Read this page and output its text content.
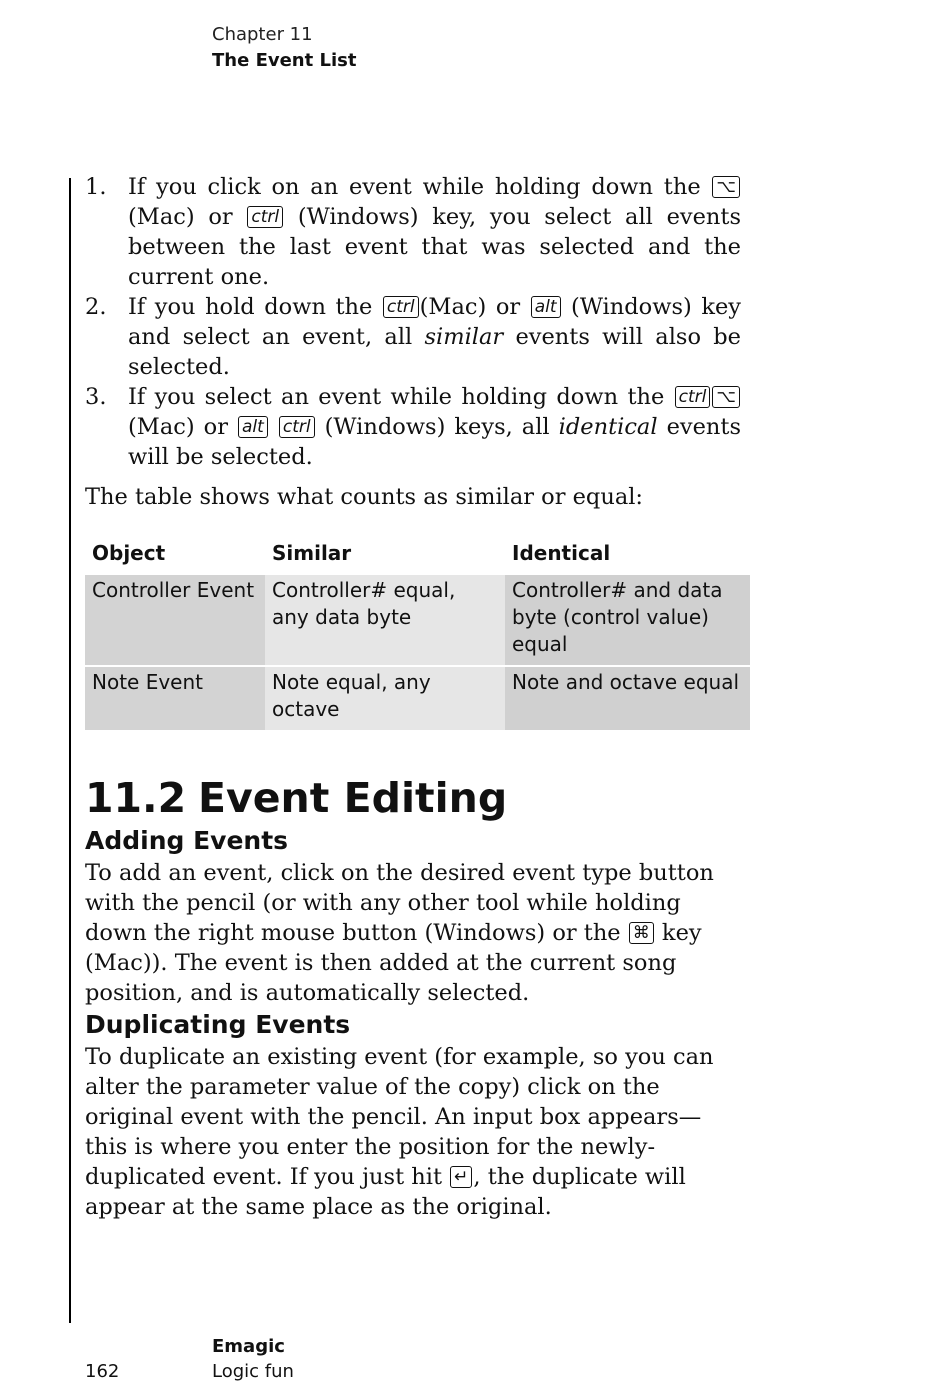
Chapter 11
The Event List
1. If you click on an event while holding down the ⌥ (Mac) or ctrl (Windows) key, you select all events between the last event that was selected and the current one.
2. If you hold down the ctrl (Mac) or alt (Windows) key and select an event, all similar events will also be selected.
3. If you select an event while holding down the ctrl ⌥(Mac) or alt ctrl (Windows) keys, all identical events will be selected.

The table shows what counts as similar or equal:

Object	Similar	Identical
Controller Event	Controller# equal, any data byte	Controller# and data byte (control value) equal
Note Event	Note equal, any octave	Note and octave equal
11.2 Event Editing
Adding Events

To add an event, click on the desired event type button with the pencil (or with any other tool while holding down the right mouse button (Windows) or the ⌘ key (Mac)). The event is then added at the current song position, and is automatically selected.

Duplicating Events

To duplicate an existing event (for example, so you can alter the parameter value of the copy) click on the original event with the pencil. An input box appears—this is where you enter the position for the newly-duplicated event. If you just hit ↵ , the duplicate will appear at the same place as the original.

Emagic
Logic fun
162
